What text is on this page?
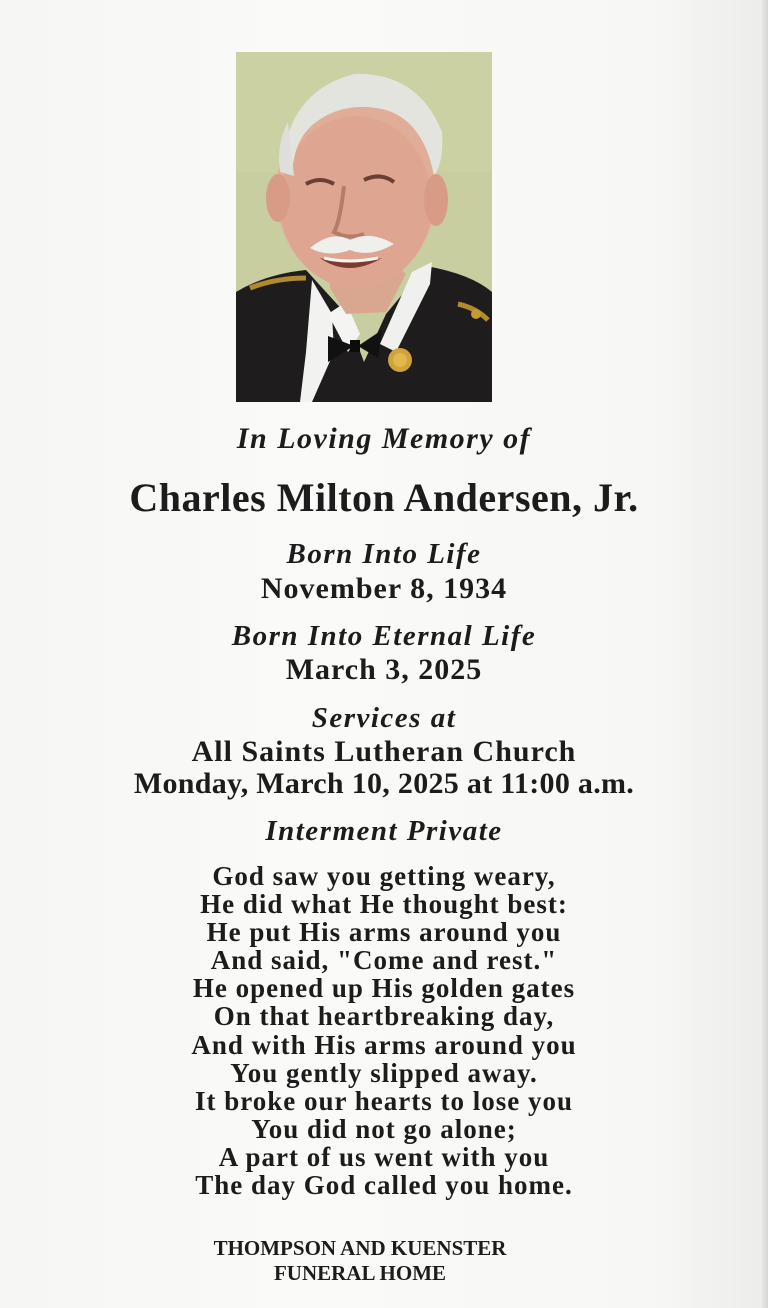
In Loving Memory of
Charles Milton Andersen, Jr.
Born Into Life
November 8, 1934
Born Into Eternal Life
March 3, 2025
Services at
All Saints Lutheran Church
Monday, March 10, 2025 at 11:00 a.m.
Interment Private
God saw you getting weary,
He did what He thought best:
He put His arms around you
And said, "Come and rest."
He opened up His golden gates
On that heartbreaking day,
And with His arms around you
You gently slipped away.
It broke our hearts to lose you
You did not go alone;
A part of us went with you
The day God called you home.
THOMPSON AND KUENSTER
FUNERAL HOME
